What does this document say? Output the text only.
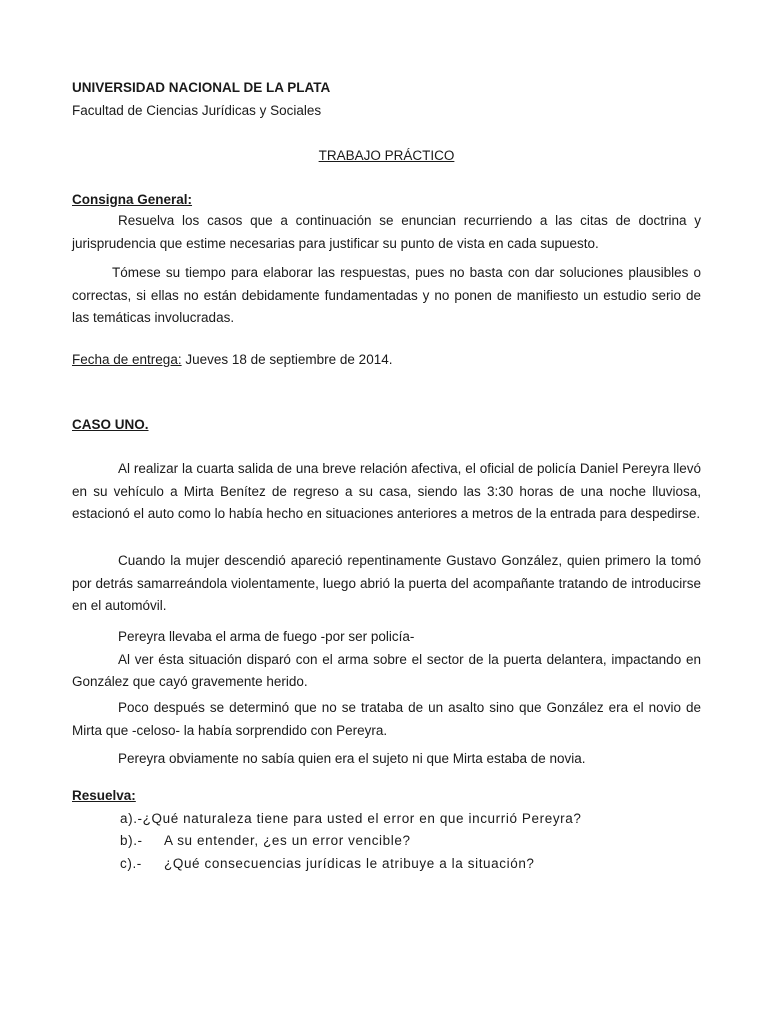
UNIVERSIDAD NACIONAL DE LA PLATA
Facultad de Ciencias Jurídicas y Sociales
TRABAJO PRÁCTICO
Consigna General:
Resuelva los casos que a continuación se enuncian recurriendo a las citas de doctrina y jurisprudencia que estime necesarias para justificar su punto de vista en cada supuesto.
Tómese su tiempo para elaborar las respuestas, pues no basta con dar soluciones plausibles o correctas, si ellas no están debidamente fundamentadas y no ponen de manifiesto un estudio serio de las temáticas involucradas.
Fecha de entrega: Jueves 18 de septiembre de 2014.
CASO UNO.
Al realizar la cuarta salida de una breve relación afectiva, el oficial de policía Daniel Pereyra llevó en su vehículo a Mirta Benítez de regreso a su casa, siendo las 3:30 horas de una noche lluviosa, estacionó el auto como lo había hecho en situaciones anteriores a metros de la entrada para despedirse.
Cuando la mujer descendió apareció repentinamente Gustavo González, quien primero la tomó por detrás samarreándola violentamente, luego abrió la puerta del acompañante tratando de introducirse en el automóvil.
Pereyra llevaba el arma de fuego -por ser policía-
Al ver ésta situación disparó con el arma sobre el sector de la puerta delantera, impactando en González que cayó gravemente herido.
Poco después se determinó que no se trataba de un asalto sino que González era el novio de Mirta que -celoso- la había sorprendido con Pereyra.
Pereyra obviamente no sabía quien era el sujeto ni que Mirta estaba de novia.
Resuelva:
a).-¿Qué naturaleza tiene para usted el error en que incurrió Pereyra?
b).- A su entender, ¿es un error vencible?
c).- ¿Qué consecuencias jurídicas le atribuye a la situación?
